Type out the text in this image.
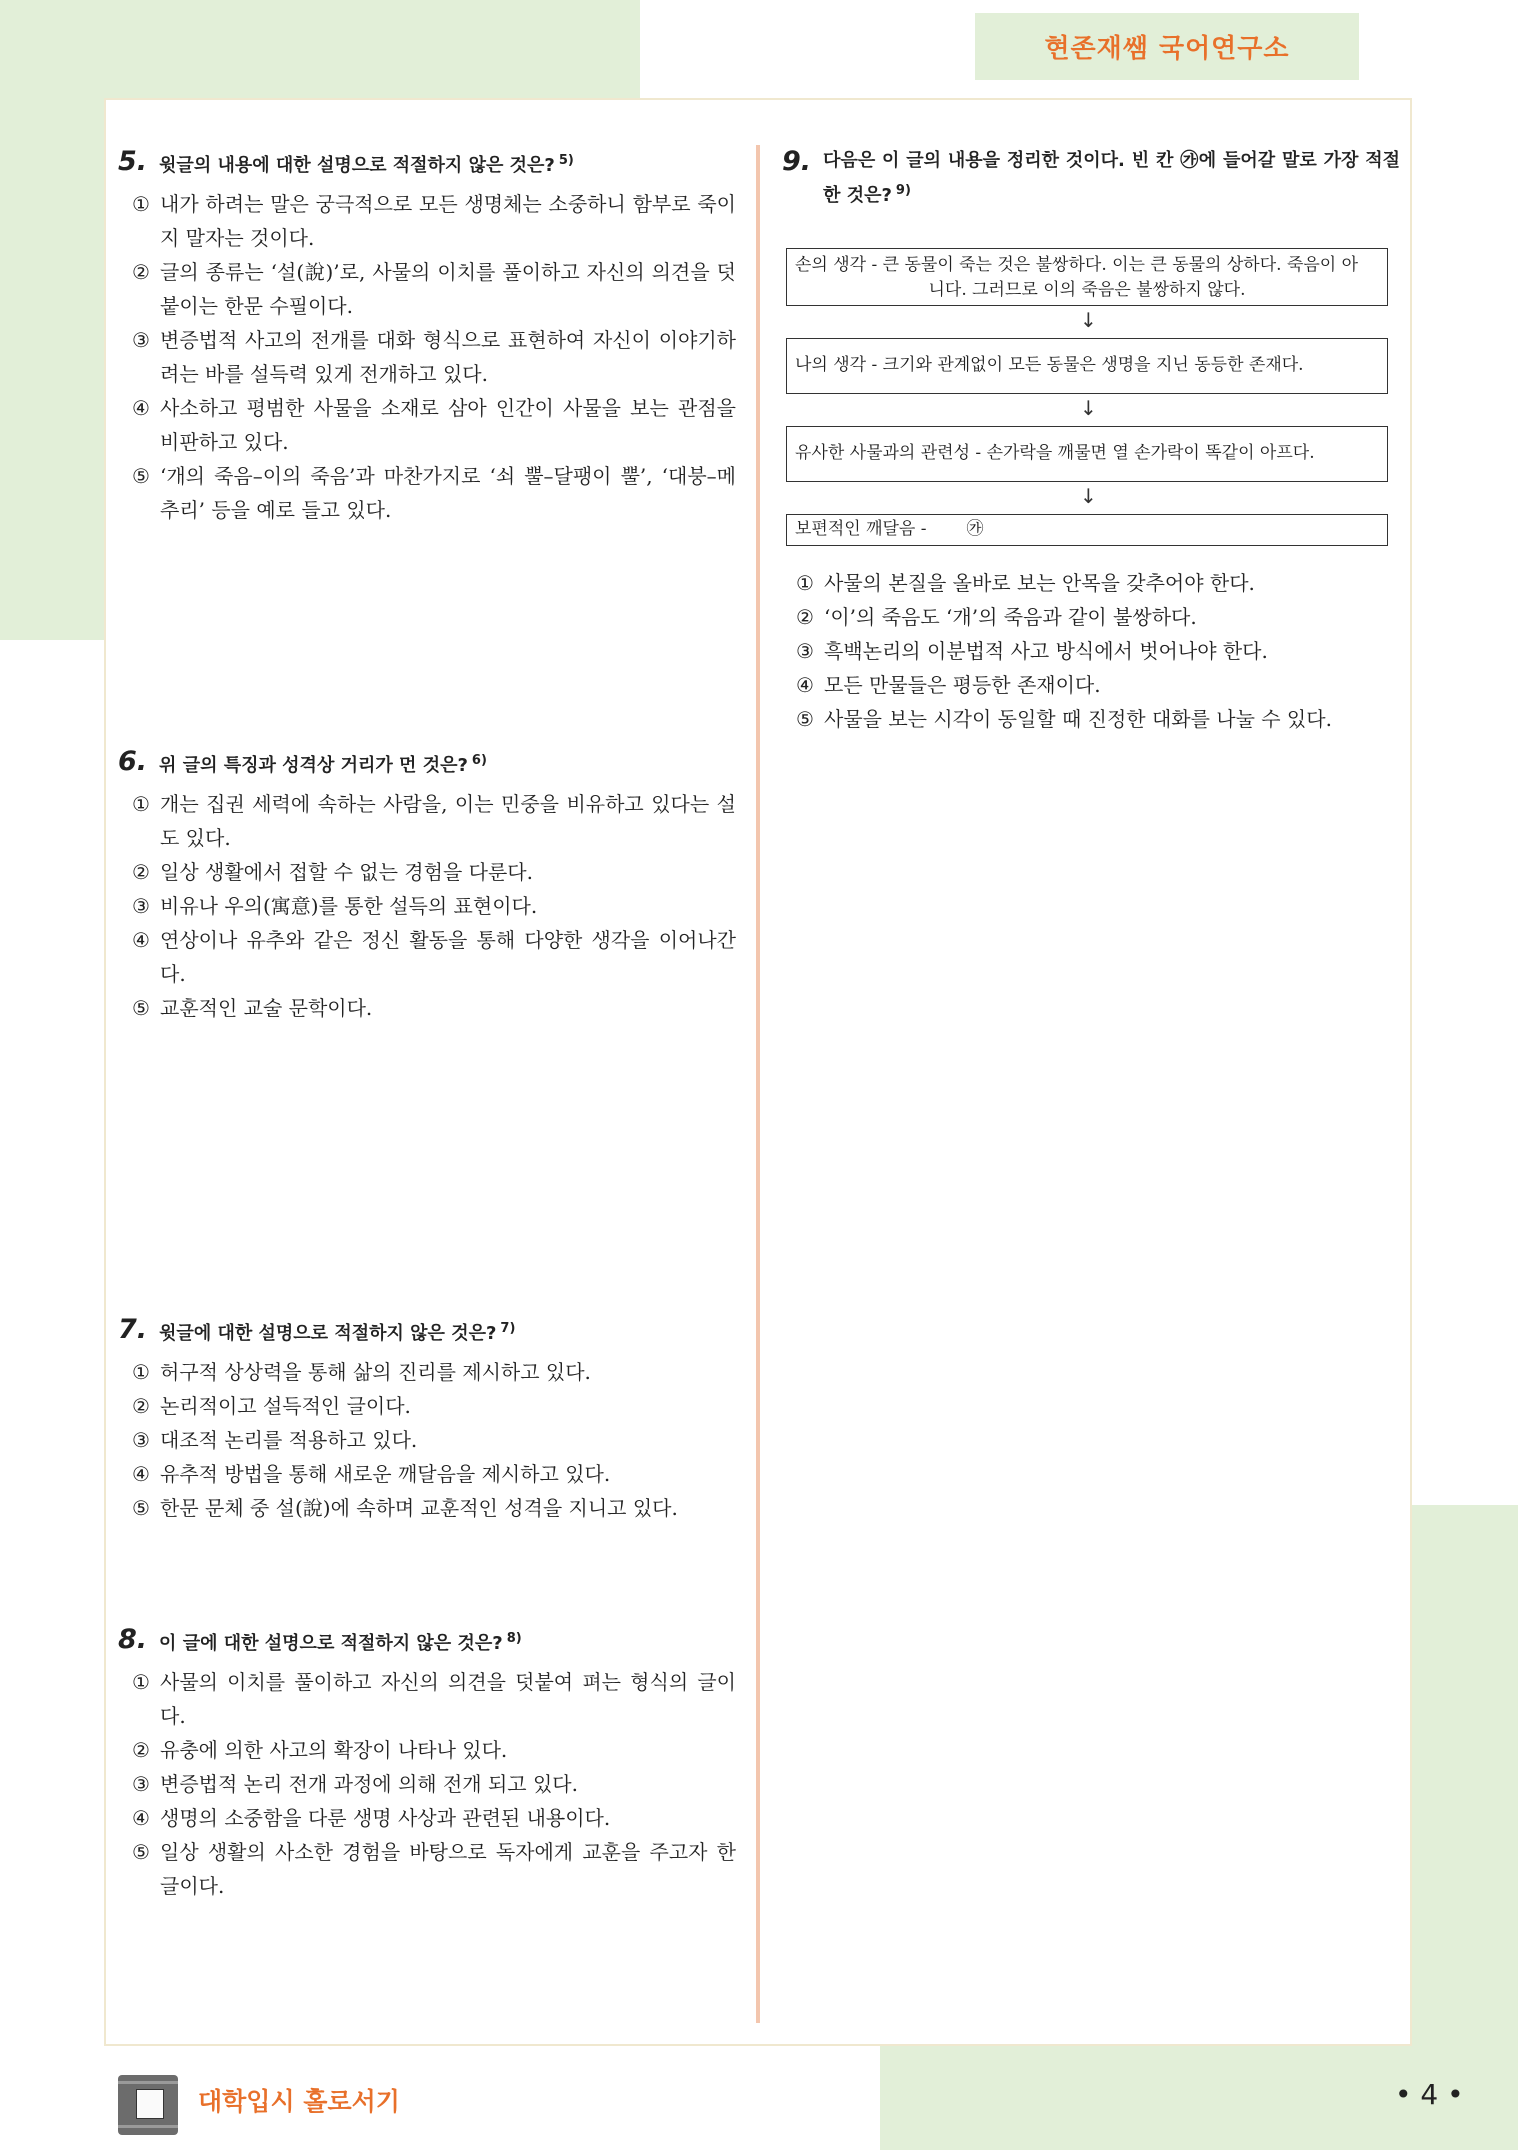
현존재쌤 국어연구소
5. 윗글의 내용에 대한 설명으로 적절하지 않은 것은? $^{5)}$
① 내가 하려는 말은 궁극적으로 모든 생명체는 소중하니 함부로 죽이지 말자는 것이다.
② 글의 종류는 ‘설(說)’로, 사물의 이치를 풀이하고 자신의 의견을 덧붙이는 한문 수필이다.
③ 변증법적 사고의 전개를 대화 형식으로 표현하여 자신이 이야기하려는 바를 설득력 있게 전개하고 있다.
④ 사소하고 평범한 사물을 소재로 삼아 인간이 사물을 보는 관점을 비판하고 있다.
⑤ ‘개의 죽음–이의 죽음’과 마찬가지로 ‘쇠 뿔–달팽이 뿔’, ‘대붕–메추리’ 등을 예로 들고 있다.
6. 위 글의 특징과 성격상 거리가 먼 것은? $^{6)}$
① 개는 집권 세력에 속하는 사람을, 이는 민중을 비유하고 있다는 설도 있다.
② 일상 생활에서 접할 수 없는 경험을 다룬다.
③ 비유나 우의(寓意)를 통한 설득의 표현이다.
④ 연상이나 유추와 같은 정신 활동을 통해 다양한 생각을 이어나간다.
⑤ 교훈적인 교술 문학이다.
7. 윗글에 대한 설명으로 적절하지 않은 것은? $^{7)}$
① 허구적 상상력을 통해 삶의 진리를 제시하고 있다.
② 논리적이고 설득적인 글이다.
③ 대조적 논리를 적용하고 있다.
④ 유추적 방법을 통해 새로운 깨달음을 제시하고 있다.
⑤ 한문 문체 중 설(說)에 속하며 교훈적인 성격을 지니고 있다.
8. 이 글에 대한 설명으로 적절하지 않은 것은? $^{8)}$
① 사물의 이치를 풀이하고 자신의 의견을 덧붙여 펴는 형식의 글이다.
② 유충에 의한 사고의 확장이 나타나 있다.
③ 변증법적 논리 전개 과정에 의해 전개 되고 있다.
④ 생명의 소중함을 다룬 생명 사상과 관련된 내용이다.
⑤ 일상 생활의 사소한 경험을 바탕으로 독자에게 교훈을 주고자 한 글이다.
9. 다음은 이 글의 내용을 정리한 것이다. 빈 칸 ㉮에 들어갈 말로 가장 적절한 것은? $^{9)}$
손의 생각 - 큰 동물이 죽는 것은 불쌍하다. 이는 큰 동물의 상하다. 죽음이 아
니다. 그러므로 이의 죽음은 불쌍하지 않다.
↓
나의 생각 - 크기와 관계없이 모든 동물은 생명을 지닌 동등한 존재다.
↓
유사한 사물과의 관련성 - 손가락을 깨물면 열 손가락이 똑같이 아프다.
↓
보편적인 깨달음 - ㉮
① 사물의 본질을 올바로 보는 안목을 갖추어야 한다.
② ‘이’의 죽음도 ‘개’의 죽음과 같이 불쌍하다.
③ 흑백논리의 이분법적 사고 방식에서 벗어나야 한다.
④ 모든 만물들은 평등한 존재이다.
⑤ 사물을 보는 시각이 동일할 때 진정한 대화를 나눌 수 있다.
대학입시 홀로서기	• 4 •
